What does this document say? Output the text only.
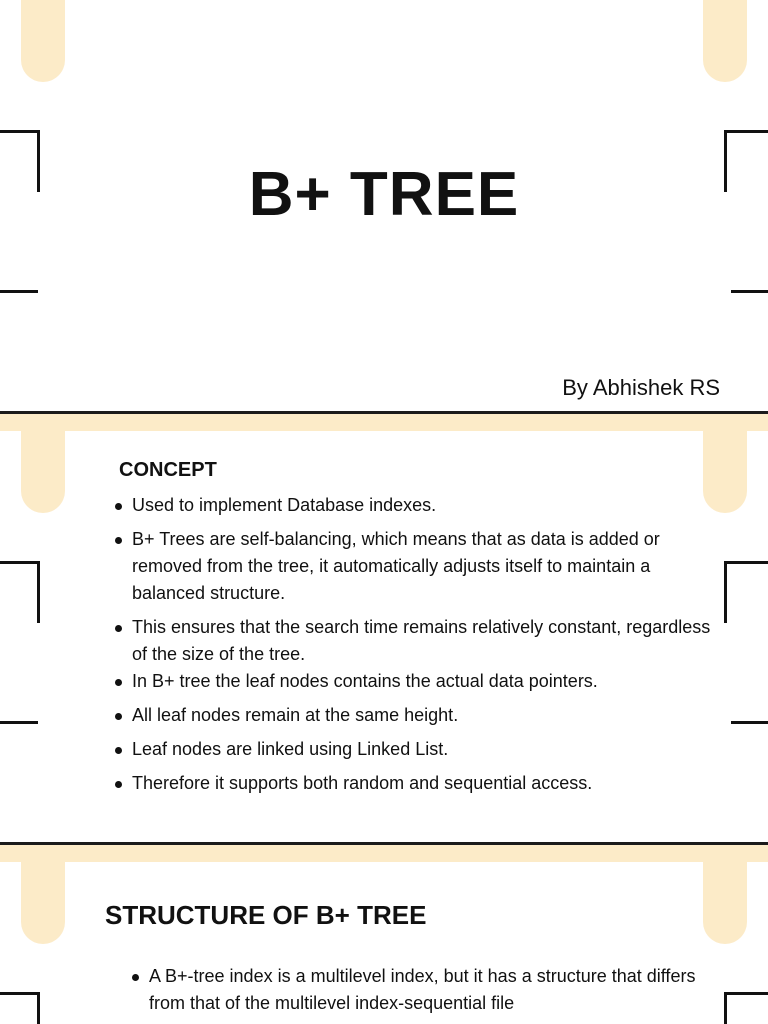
B+ TREE
By Abhishek RS
CONCEPT
Used to implement Database indexes.
B+ Trees are self-balancing, which means that as data is added or removed from the tree, it automatically adjusts itself to maintain a balanced structure.
This ensures that the search time remains relatively constant, regardless of the size of the tree.
In B+ tree the leaf nodes contains the actual data pointers.
All leaf nodes remain at the same height.
Leaf nodes are linked using Linked List.
Therefore it supports both random and sequential access.
STRUCTURE OF B+ TREE
A B+-tree index is a multilevel index, but it has a structure that differs from that of the multilevel index-sequential file
